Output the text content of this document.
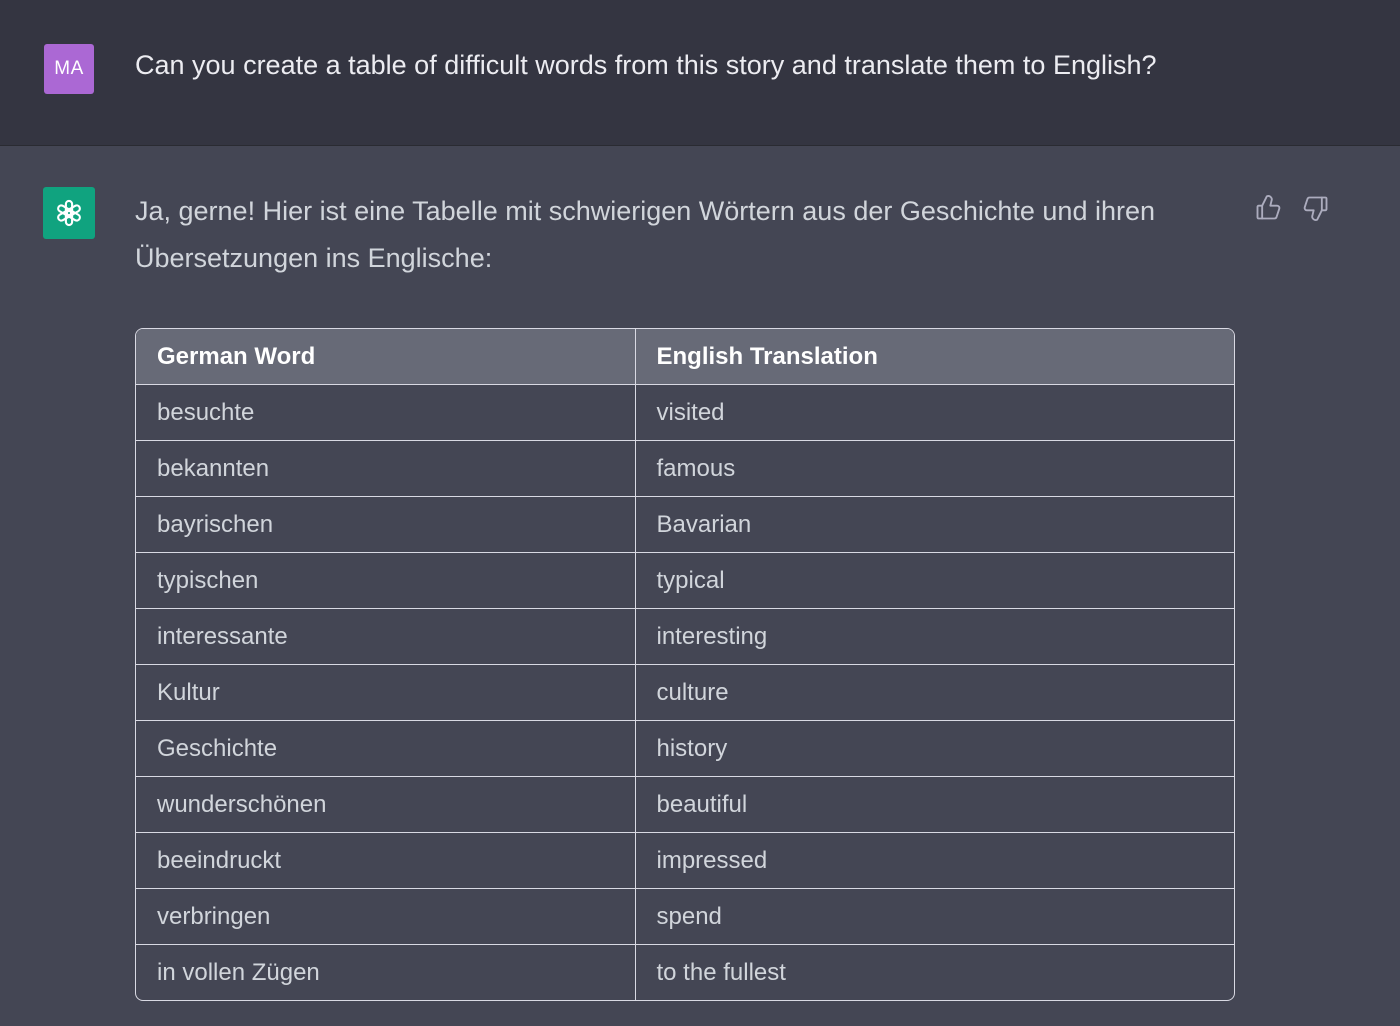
MA	Can you create a table of difficult words from this story and translate them to English?
Ja, gerne! Hier ist eine Tabelle mit schwierigen Wörtern aus der Geschichte und ihren
Übersetzungen ins Englische:
German Word	English Translation
besuchte	visited
bekannten	famous
bayrischen	Bavarian
typischen	typical
interessante	interesting
Kultur	culture
Geschichte	history
wunderschönen	beautiful
beeindruckt	impressed
verbringen	spend
in vollen Zügen	to the fullest
